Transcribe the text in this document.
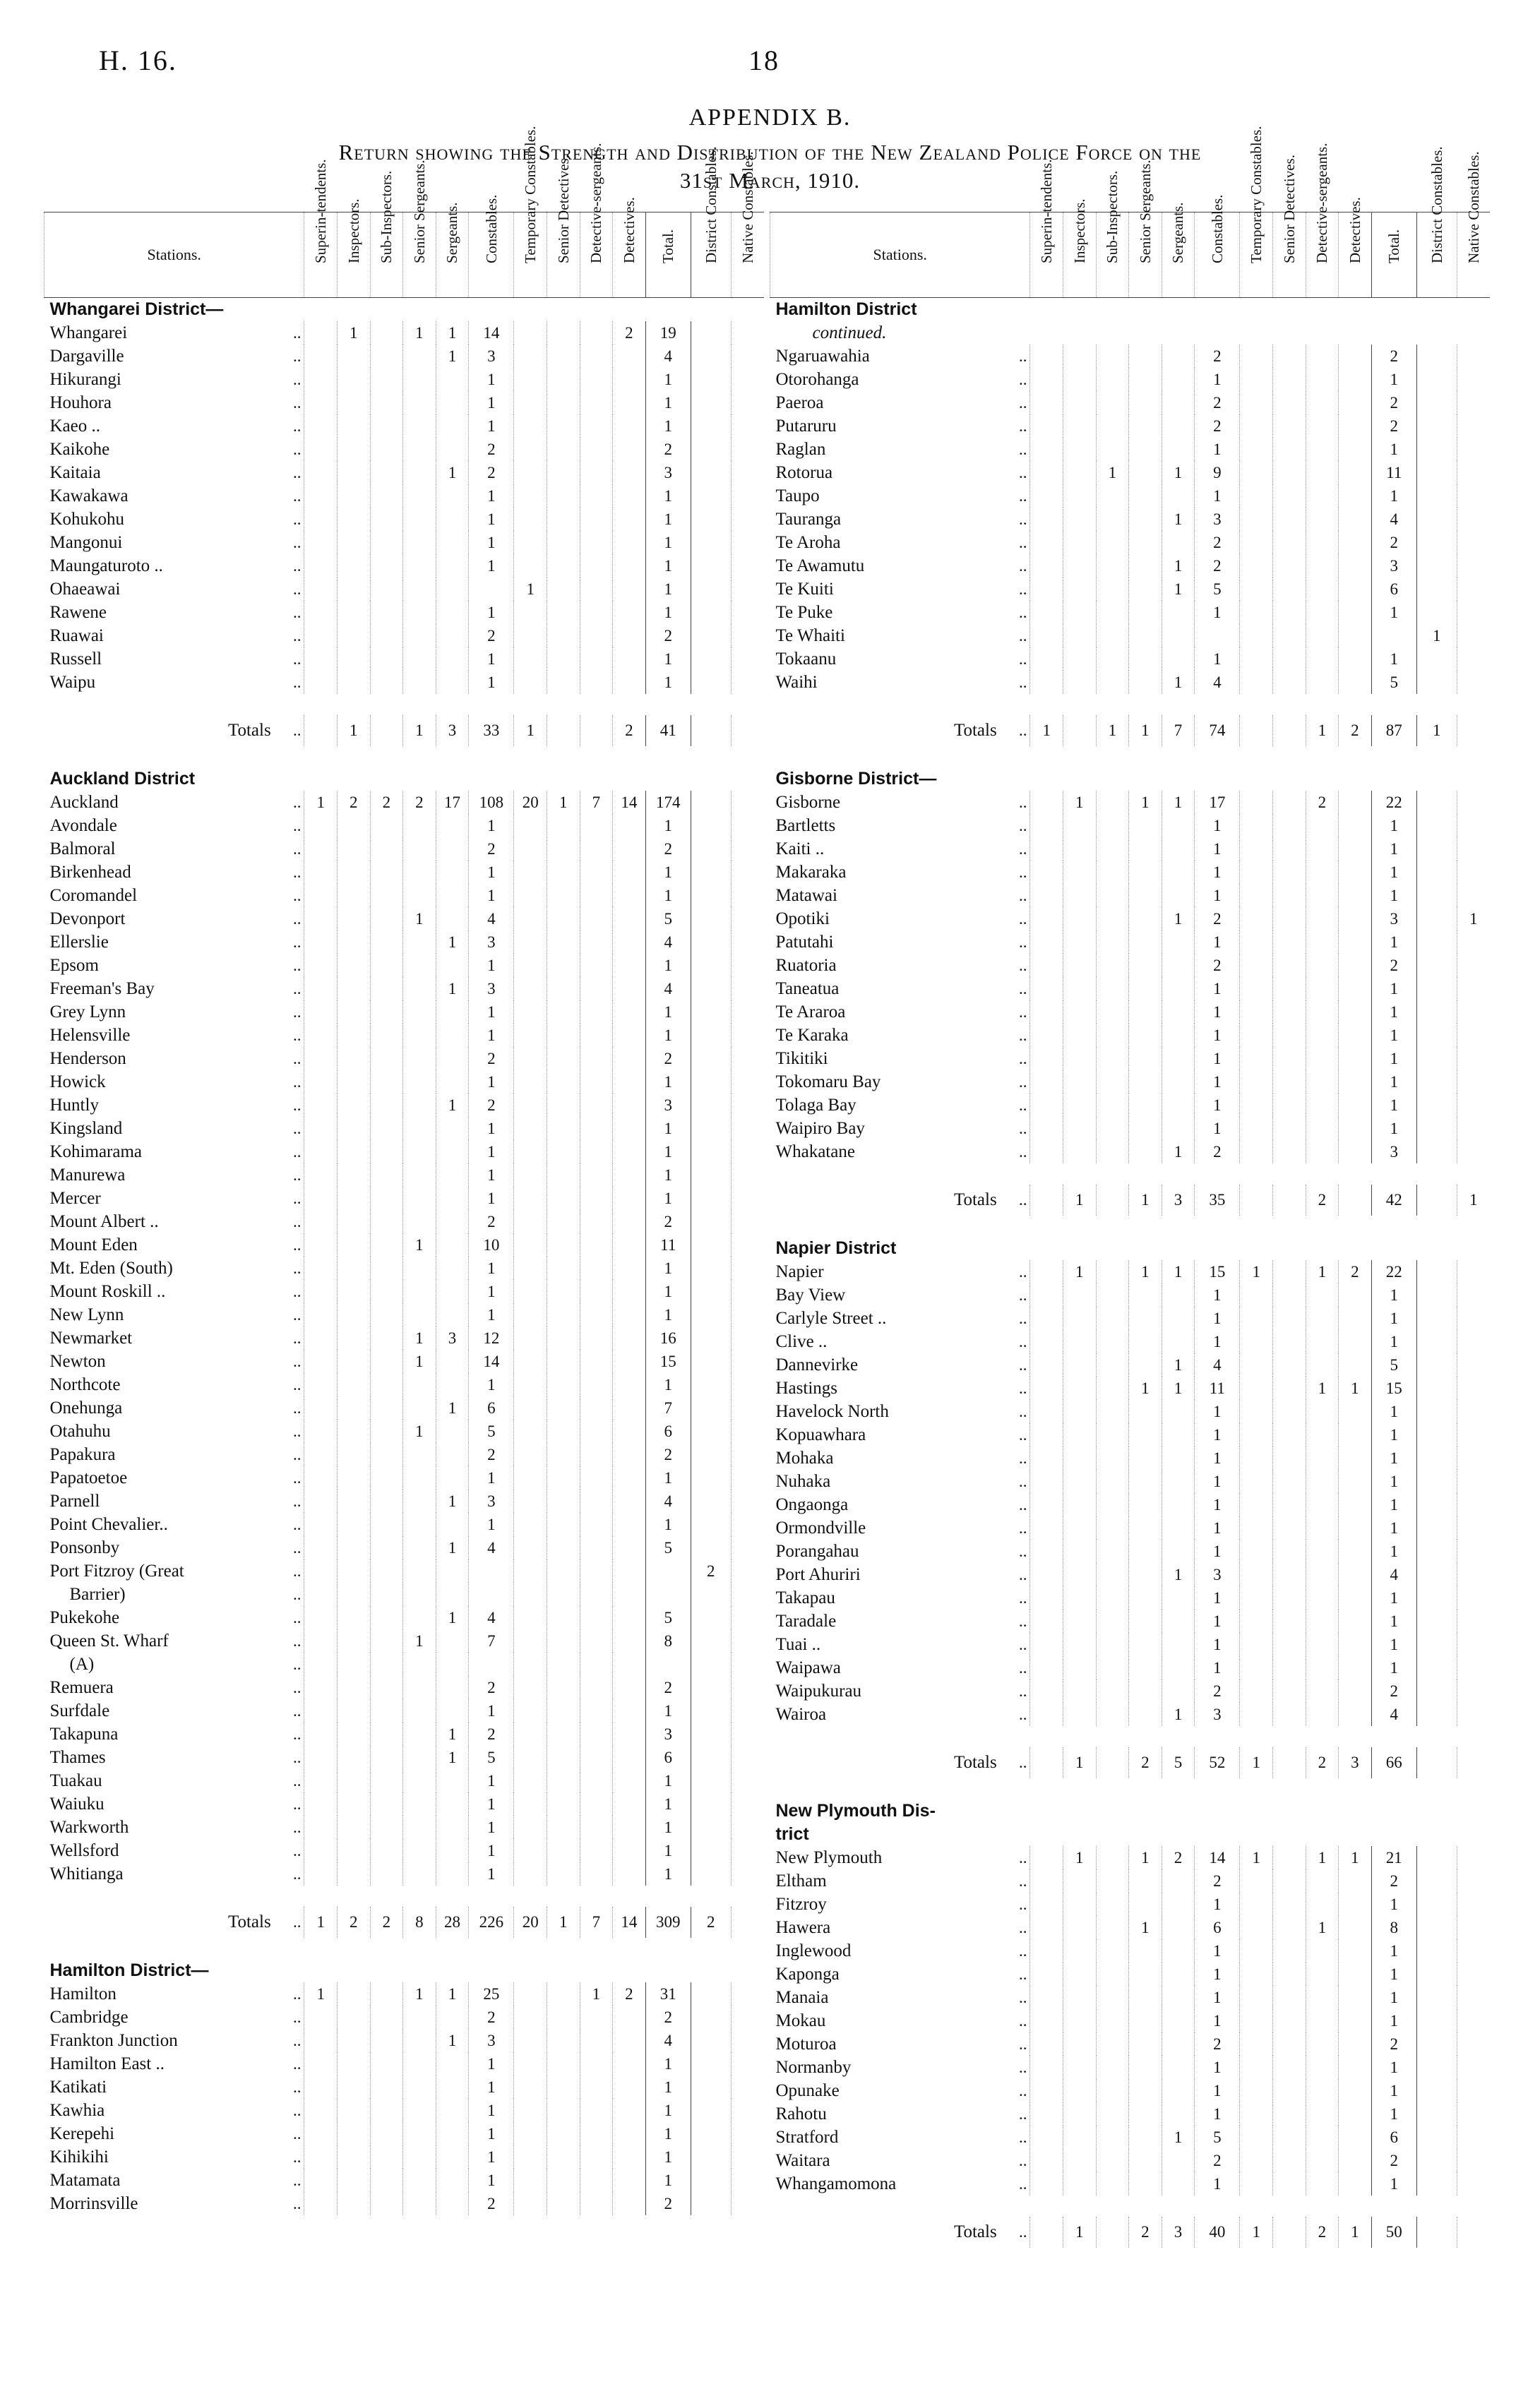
H. 16.	18
APPENDIX B.
Return showing the Strength and Distribution of the New Zealand Police Force on the
31st March, 1910.
Stations.		Superin-tendents.	Inspectors.	Sub-Inspectors.	Senior Sergeants.	Sergeants.	Constables.	Temporary Constables.	Senior Detectives.	Detective-sergeants.	Detectives.	Total.	District Constables.	Native Constables.
Whangarei District—														
Whangarei	..		1		1	1	14				2	19		
Dargaville	..					1	3					4		
Hikurangi	..						1					1		
Houhora	..						1					1		
Kaeo ..	..						1					1		
Kaikohe	..						2					2		
Kaitaia	..					1	2					3		
Kawakawa	..						1					1		
Kohukohu	..						1					1		
Mangonui	..						1					1		
Maungaturoto ..	..						1					1		
Ohaeawai	..							1				1		
Rawene	..						1					1		
Ruawai	..						2					2		
Russell	..						1					1		
Waipu	..						1					1		

Totals	..		1		1	3	33	1			2	41		

Auckland District														
Auckland	..	1	2	2	2	17	108	20	1	7	14	174		
Avondale	..						1					1		
Balmoral	..						2					2		
Birkenhead	..						1					1		
Coromandel	..						1					1		
Devonport	..				1		4					5		
Ellerslie	..					1	3					4		
Epsom	..						1					1		
Freeman's Bay	..					1	3					4		
Grey Lynn	..						1					1		
Helensville	..						1					1		
Henderson	..						2					2		
Howick	..						1					1		
Huntly	..					1	2					3		
Kingsland	..						1					1		
Kohimarama	..						1					1		
Manurewa	..						1					1		
Mercer	..						1					1		
Mount Albert ..	..						2					2		
Mount Eden	..				1		10					11		
Mt. Eden (South)	..						1					1		
Mount Roskill ..	..						1					1		
New Lynn	..						1					1		
Newmarket	..				1	3	12					16		
Newton	..				1		14					15		
Northcote	..						1					1		
Onehunga	..					1	6					7		
Otahuhu	..				1		5					6		
Papakura	..						2					2		
Papatoetoe	..						1					1		
Parnell	..					1	3					4		
Point Chevalier..	..						1					1		
Ponsonby	..					1	4					5		
Port Fitzroy (Great	..												2	
Barrier)	..													
Pukekohe	..					1	4					5		
Queen St. Wharf	..				1		7					8		
(A)	..													
Remuera	..						2					2		
Surfdale	..						1					1		
Takapuna	..					1	2					3		
Thames	..					1	5					6		
Tuakau	..						1					1		
Waiuku	..						1					1		
Warkworth	..						1					1		
Wellsford	..						1					1		
Whitianga	..						1					1		

Totals	..	1	2	2	8	28	226	20	1	7	14	309	2	

Hamilton District—														
Hamilton	..	1			1	1	25			1	2	31		
Cambridge	..						2					2		
Frankton Junction	..					1	3					4		
Hamilton East ..	..						1					1		
Katikati	..						1					1		
Kawhia	..						1					1		
Kerepehi	..						1					1		
Kihikihi	..						1					1		
Matamata	..						1					1		
Morrinsville	..						2					2		
Stations.		Superin-tendents.	Inspectors.	Sub-Inspectors.	Senior Sergeants.	Sergeants.	Constables.	Temporary Constables.	Senior Detectives.	Detective-sergeants.	Detectives.	Total.	District Constables.	Native Constables.
Hamilton District														
continued.														
Ngaruawahia	..						2					2		
Otorohanga	..						1					1		
Paeroa	..						2					2		
Putaruru	..						2					2		
Raglan	..						1					1		
Rotorua	..			1		1	9					11		
Taupo	..						1					1		
Tauranga	..					1	3					4		
Te Aroha	..						2					2		
Te Awamutu	..					1	2					3		
Te Kuiti	..					1	5					6		
Te Puke	..						1					1		
Te Whaiti	..												1	
Tokaanu	..						1					1		
Waihi	..					1	4					5		

Totals	..	1		1	1	7	74			1	2	87	1	

Gisborne District—														
Gisborne	..		1		1	1	17			2		22		
Bartletts	..						1					1		
Kaiti ..	..						1					1		
Makaraka	..						1					1		
Matawai	..						1					1		
Opotiki	..					1	2					3		1
Patutahi	..						1					1		
Ruatoria	..						2					2		
Taneatua	..						1					1		
Te Araroa	..						1					1		
Te Karaka	..						1					1		
Tikitiki	..						1					1		
Tokomaru Bay	..						1					1		
Tolaga Bay	..						1					1		
Waipiro Bay	..						1					1		
Whakatane	..					1	2					3		

Totals	..		1		1	3	35			2		42		1

Napier District														
Napier	..		1		1	1	15	1		1	2	22		
Bay View	..						1					1		
Carlyle Street ..	..						1					1		
Clive ..	..						1					1		
Dannevirke	..					1	4					5		
Hastings	..				1	1	11			1	1	15		
Havelock North	..						1					1		
Kopuawhara	..						1					1		
Mohaka	..						1					1		
Nuhaka	..						1					1		
Ongaonga	..						1					1		
Ormondville	..						1					1		
Porangahau	..						1					1		
Port Ahuriri	..					1	3					4		
Takapau	..						1					1		
Taradale	..						1					1		
Tuai ..	..						1					1		
Waipawa	..						1					1		
Waipukurau	..						2					2		
Wairoa	..					1	3					4		

Totals	..		1		2	5	52	1		2	3	66		

New Plymouth Dis-														
trict														
New Plymouth	..		1		1	2	14	1		1	1	21		
Eltham	..						2					2		
Fitzroy	..						1					1		
Hawera	..				1		6			1		8		
Inglewood	..						1					1		
Kaponga	..						1					1		
Manaia	..						1					1		
Mokau	..						1					1		
Moturoa	..						2					2		
Normanby	..						1					1		
Opunake	..						1					1		
Rahotu	..						1					1		
Stratford	..					1	5					6		
Waitara	..						2					2		
Whangamomona	..						1					1		

Totals	..		1		2	3	40	1		2	1	50		
